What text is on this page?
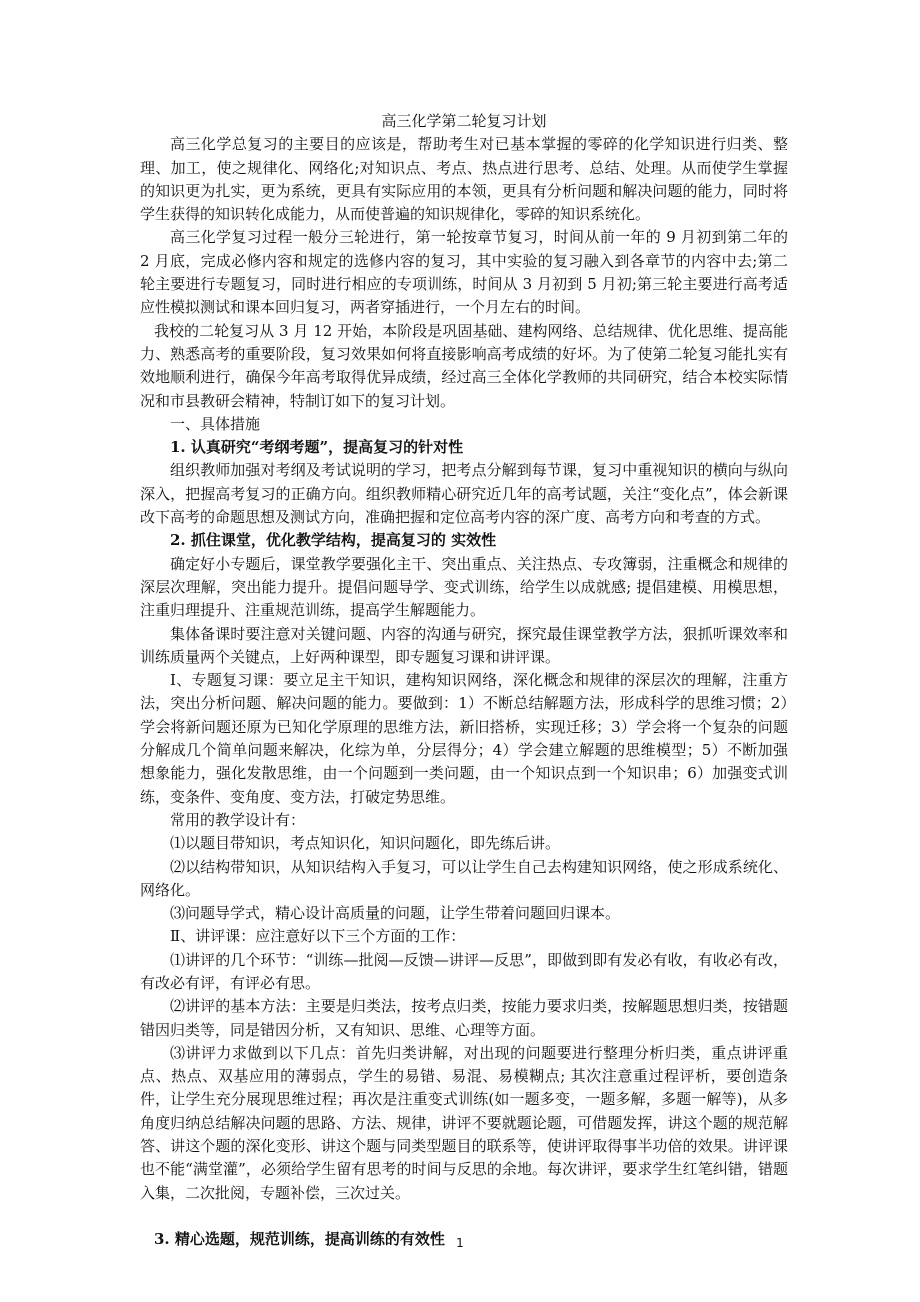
高三化学第二轮复习计划

高三化学总复习的主要目的应该是，帮助考生对已基本掌握的零碎的化学知识进行归类、整理、加工，使之规律化、网络化;对知识点、考点、热点进行思考、总结、处理。从而使学生掌握的知识更为扎实，更为系统，更具有实际应用的本领，更具有分析问题和解决问题的能力，同时将学生获得的知识转化成能力，从而使普遍的知识规律化，零碎的知识系统化。

高三化学复习过程一般分三轮进行，第一轮按章节复习，时间从前一年的 9 月初到第二年的 2 月底，完成必修内容和规定的选修内容的复习，其中实验的复习融入到各章节的内容中去;第二轮主要进行专题复习，同时进行相应的专项训练，时间从 3 月初到 5 月初;第三轮主要进行高考适应性模拟测试和课本回归复习，两者穿插进行，一个月左右的时间。

我校的二轮复习从 3 月 12 开始，本阶段是巩固基础、建构网络、总结规律、优化思维、提高能力、熟悉高考的重要阶段，复习效果如何将直接影响高考成绩的好坏。为了使第二轮复习能扎实有效地顺利进行，确保今年高考取得优异成绩，经过高三全体化学教师的共同研究，结合本校实际情况和市县教研会精神，特制订如下的复习计划。

一、具体措施

1. 认真研究“考纲考题”，提高复习的针对性

组织教师加强对考纲及考试说明的学习，把考点分解到每节课，复习中重视知识的横向与纵向深入，把握高考复习的正确方向。组织教师精心研究近几年的高考试题，关注“变化点”，体会新课改下高考的命题思想及测试方向，准确把握和定位高考内容的深广度、高考方向和考查的方式。

2. 抓住课堂，优化教学结构，提高复习的 实效性

确定好小专题后，课堂教学要强化主干、突出重点、关注热点、专攻簿弱，注重概念和规律的深层次理解，突出能力提升。提倡问题导学、变式训练，给学生以成就感; 提倡建模、用模思想，注重归理提升、注重规范训练，提高学生解题能力。

集体备课时要注意对关键问题、内容的沟通与研究，探究最佳课堂教学方法，狠抓听课效率和训练质量两个关键点，上好两种课型，即专题复习课和讲评课。

Ⅰ、专题复习课：要立足主干知识，建构知识网络，深化概念和规律的深层次的理解，注重方法，突出分析问题、解决问题的能力。要做到：1）不断总结解题方法，形成科学的思维习惯；2）学会将新问题还原为已知化学原理的思维方法，新旧搭桥，实现迁移；3）学会将一个复杂的问题分解成几个简单问题来解决，化综为单，分层得分；4）学会建立解题的思维模型；5）不断加强想象能力，强化发散思维，由一个问题到一类问题，由一个知识点到一个知识串；6）加强变式训练，变条件、变角度、变方法，打破定势思维。

常用的教学设计有：

⑴以题目带知识，考点知识化，知识问题化，即先练后讲。

⑵以结构带知识，从知识结构入手复习，可以让学生自己去构建知识网络，使之形成系统化、网络化。

⑶问题导学式，精心设计高质量的问题，让学生带着问题回归课本。

Ⅱ、讲评课：应注意好以下三个方面的工作：

⑴讲评的几个环节：“训练—批阅—反馈—讲评—反思”，即做到即有发必有收，有收必有改，有改必有评，有评必有思。

⑵讲评的基本方法：主要是归类法，按考点归类，按能力要求归类，按解题思想归类，按错题错因归类等，同是错因分析，又有知识、思维、心理等方面。

⑶讲评力求做到以下几点：首先归类讲解，对出现的问题要进行整理分析归类，重点讲评重点、热点、双基应用的薄弱点，学生的易错、易混、易模糊点; 其次注意重过程评析，要创造条件，让学生充分展现思维过程；再次是注重变式训练(如一题多变，一题多解，多题一解等)，从多角度归纳总结解决问题的思路、方法、规律，讲评不要就题论题，可借题发挥，讲这个题的规范解答、讲这个题的深化变形、讲这个题与同类型题目的联系等，使讲评取得事半功倍的效果。讲评课也不能“满堂灌”，必须给学生留有思考的时间与反思的余地。每次讲评，要求学生红笔纠错，错题入集，二次批阅，专题补偿，三次过关。

3. 精心选题，规范训练，提高训练的有效性 1
